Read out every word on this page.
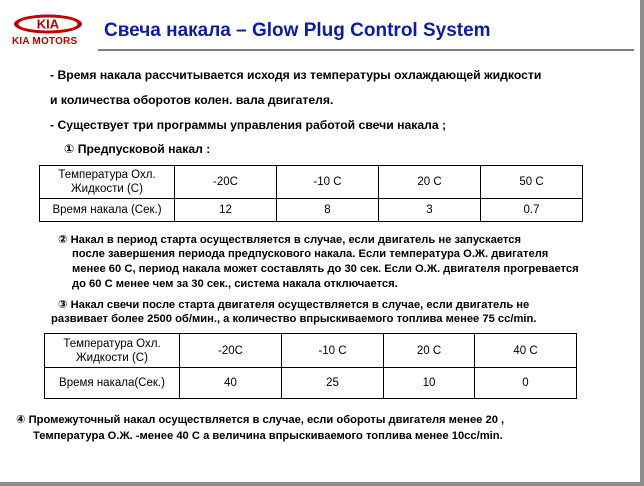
KIA
KIA MOTORS
Свеча накала – Glow Plug Control System
- Время накала рассчитывается исходя из температуры охлаждающей жидкости
и количества оборотов колен. вала двигателя.
- Существует три программы управления работой свечи накала ;
① Предпусковой накал :
Температура Охл. Жидкости (С)	-20C	-10 C	20 C	50 C
Время накала (Сек.)	12	8	3	0.7
② Накал в период старта осуществляется в случае, если двигатель не запускается
после завершения периода предпускового накала. Если температура О.Ж. двигателя
менее 60 С, период накала может составлять до 30 сек. Если О.Ж. двигателя прогревается
до 60 С менее чем за 30 сек., система накала отключается.
③ Накал свечи после старта двигателя осуществляется в случае, если двигатель не
развивает более 2500 об/мин., а количество впрыскиваемого топлива менее 75 cc/min.
Температура Охл. Жидкости (С)	-20C	-10 C	20 C	40 C
Время накала(Сек.)	40	25	10	0
④ Промежуточный накал осуществляется в случае, если обороты двигателя менее 20 ,
Температура О.Ж. -менее 40 С а величина впрыскиваемого топлива менее 10cc/min.
